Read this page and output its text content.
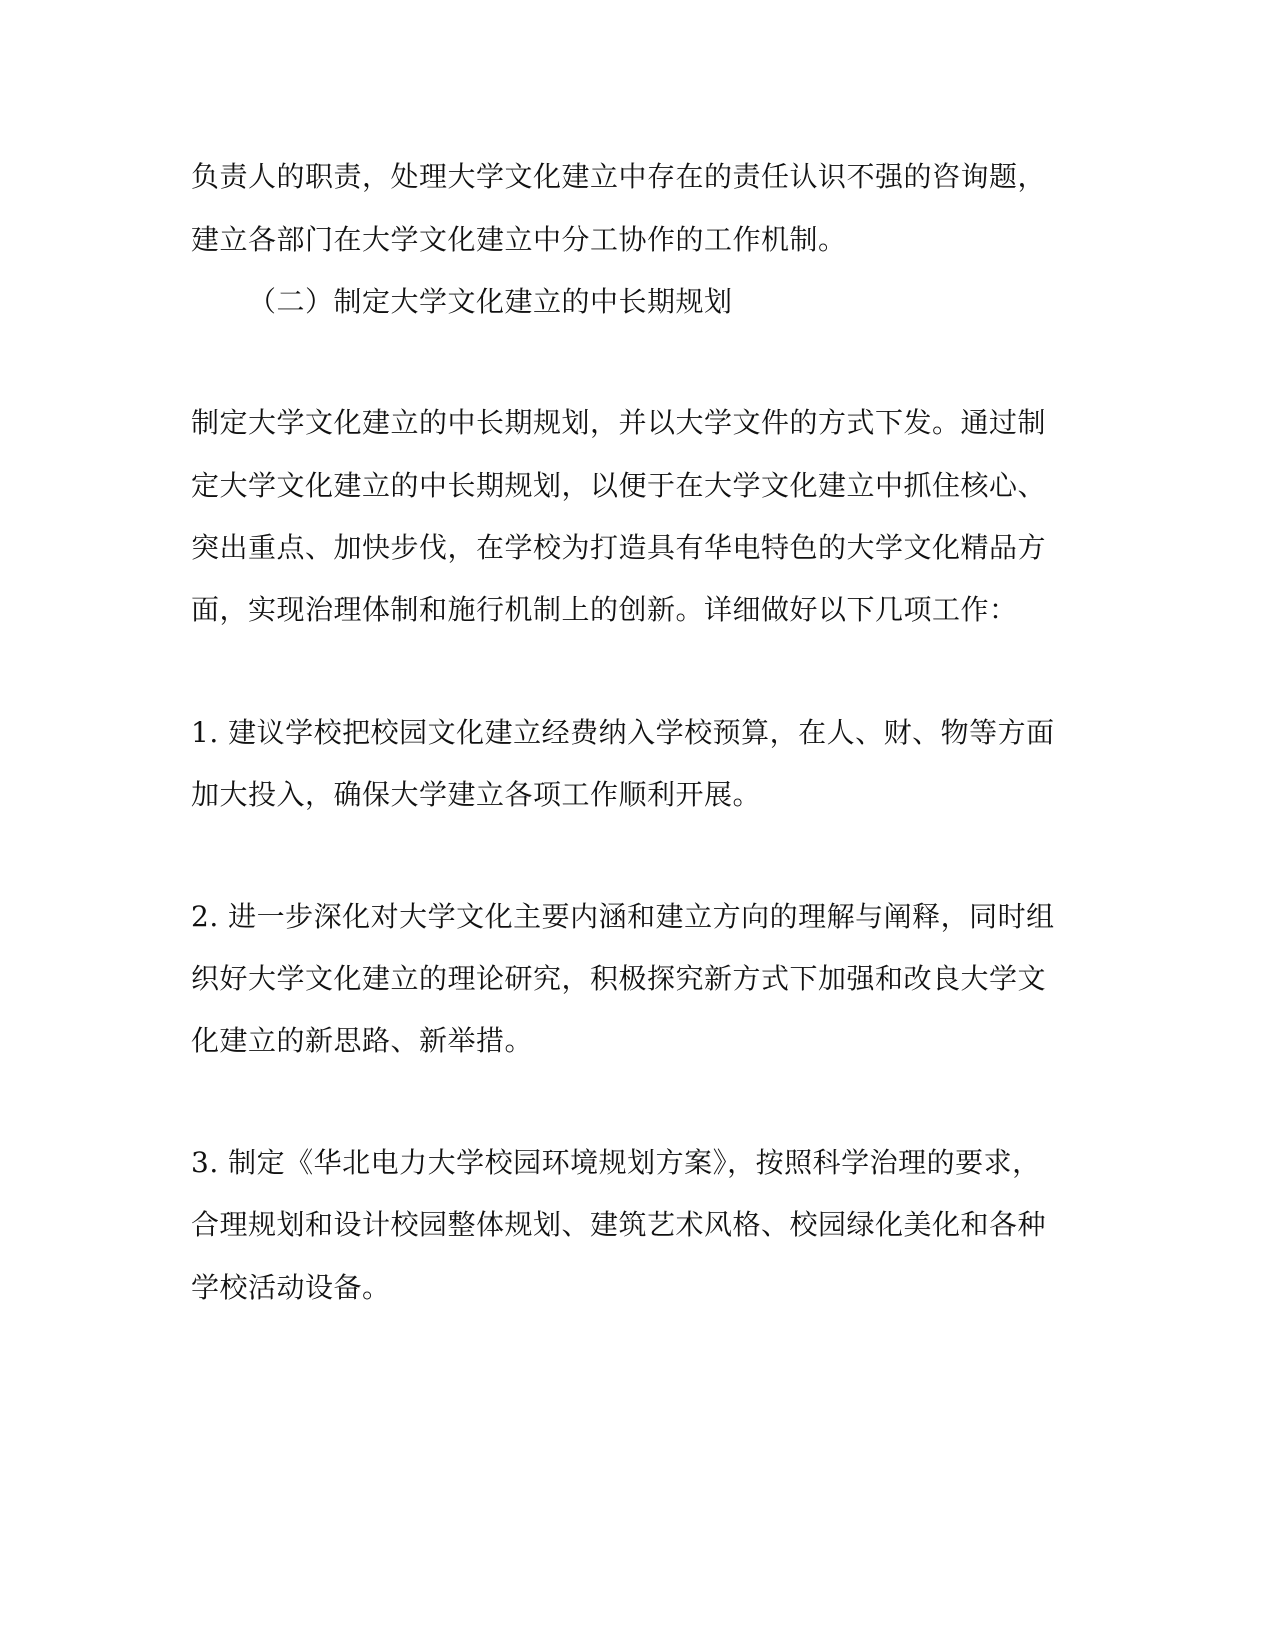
负责人的职责，处理大学文化建立中存在的责任认识不强的咨询题，
建立各部门在大学文化建立中分工协作的工作机制。
（二）制定大学文化建立的中长期规划
制定大学文化建立的中长期规划，并以大学文件的方式下发。通过制
定大学文化建立的中长期规划，以便于在大学文化建立中抓住核心、
突出重点、加快步伐，在学校为打造具有华电特色的大学文化精品方
面，实现治理体制和施行机制上的创新。详细做好以下几项工作：
1. 建议学校把校园文化建立经费纳入学校预算，在人、财、物等方面
加大投入，确保大学建立各项工作顺利开展。
2. 进一步深化对大学文化主要内涵和建立方向的理解与阐释，同时组
织好大学文化建立的理论研究，积极探究新方式下加强和改良大学文
化建立的新思路、新举措。
3. 制定《华北电力大学校园环境规划方案》，按照科学治理的要求，
合理规划和设计校园整体规划、建筑艺术风格、校园绿化美化和各种
学校活动设备。
